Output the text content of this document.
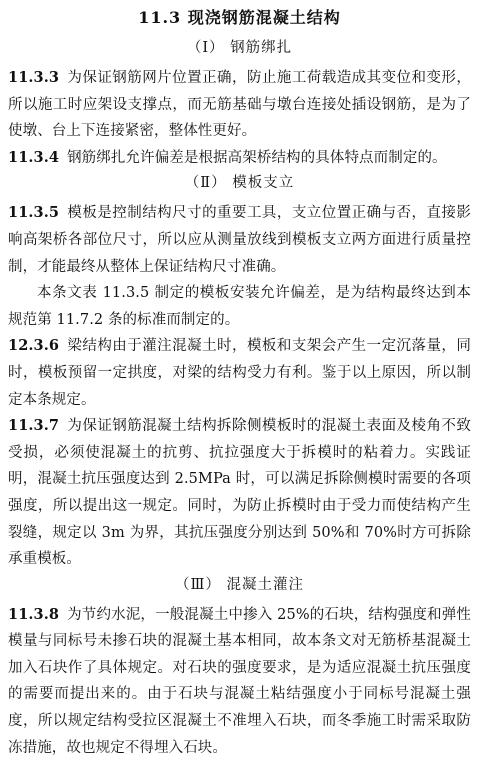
11.3 现浇钢筋混凝土结构
（Ⅰ） 钢筋绑扎

11.3.3 为保证钢筋网片位置正确，防止施工荷载造成其变位和变形，所以施工时应架设支撑点，而无筋基础与墩台连接处插设钢筋，是为了使墩、台上下连接紧密，整体性更好。

11.3.4 钢筋绑扎允许偏差是根据高架桥结构的具体特点而制定的。

（Ⅱ） 模板支立

11.3.5 模板是控制结构尺寸的重要工具，支立位置正确与否，直接影响高架桥各部位尺寸，所以应从测量放线到模板支立两方面进行质量控制，才能最终从整体上保证结构尺寸准确。

本条文表 11.3.5 制定的模板安装允许偏差，是为结构最终达到本规范第 11.7.2 条的标准而制定的。

12.3.6 梁结构由于灌注混凝土时，模板和支架会产生一定沉落量，同时，模板预留一定拱度，对梁的结构受力有利。鉴于以上原因，所以制定本条规定。

11.3.7 为保证钢筋混凝土结构拆除侧模板时的混凝土表面及棱角不致受损，必须使混凝土的抗剪、抗拉强度大于拆模时的粘着力。实践证明，混凝土抗压强度达到 2.5MPa 时，可以满足拆除侧模时需要的各项强度，所以提出这一规定。同时，为防止拆模时由于受力而使结构产生裂缝，规定以 3m 为界，其抗压强度分别达到 50%和 70%时方可拆除承重模板。

（Ⅲ） 混凝土灌注

11.3.8 为节约水泥，一般混凝土中掺入 25%的石块，结构强度和弹性模量与同标号未掺石块的混凝土基本相同，故本条文对无筋桥基混凝土加入石块作了具体规定。对石块的强度要求，是为适应混凝土抗压强度的需要而提出来的。由于石块与混凝土粘结强度小于同标号混凝土强度，所以规定结构受拉区混凝土不准埋入石块，而冬季施工时需采取防冻措施，故也规定不得埋入石块。
